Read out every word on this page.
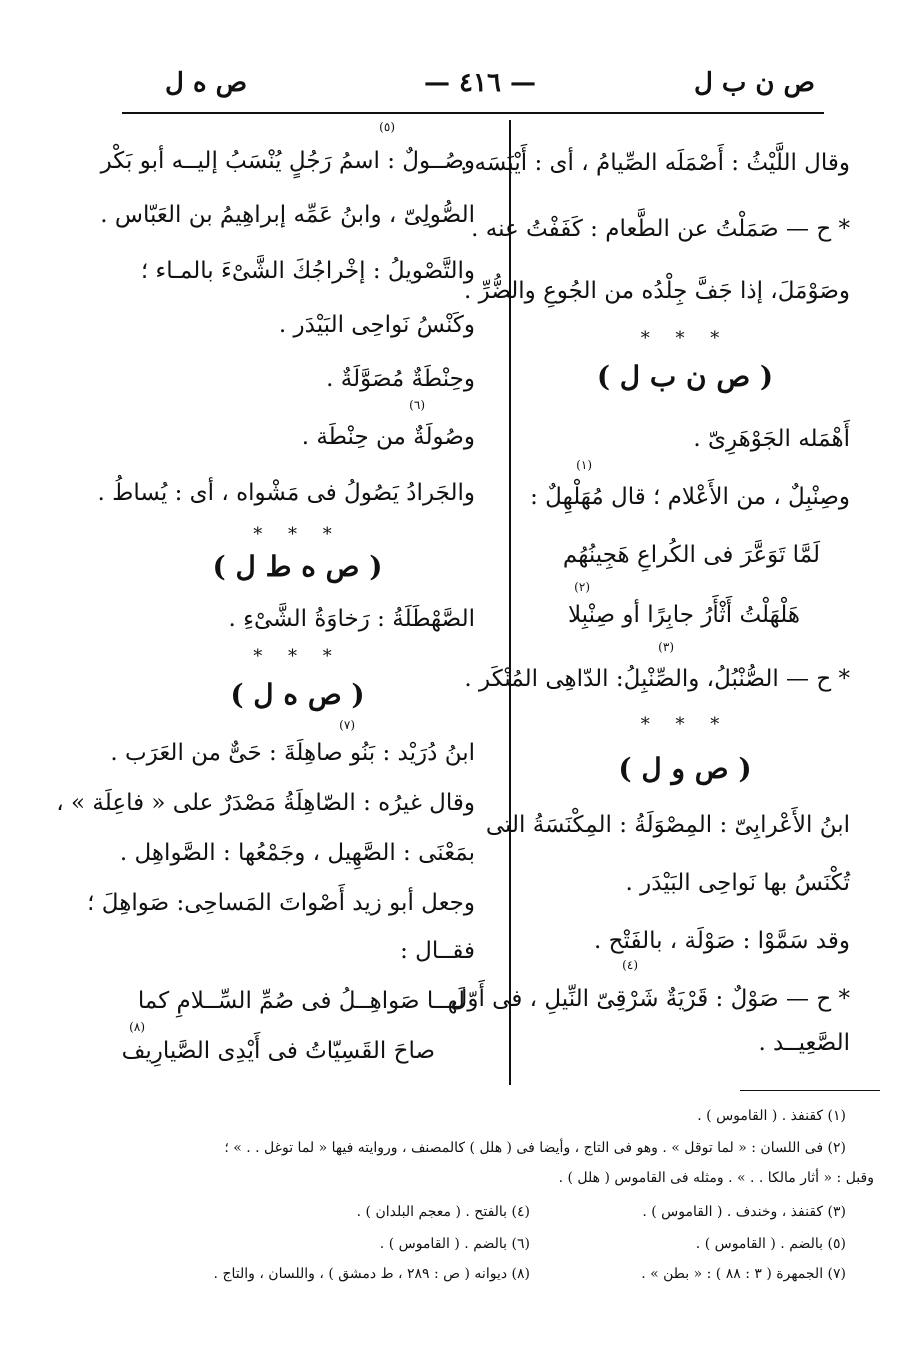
ص ن ب ل
— ٤١٦ —
ص ه ل
وقال اللَّيْثُ : أَصْمَلَه الصِّيامُ ، أى : أَيْبَسَه .
* ح — صَمَلْتُ عن الطَّعام : كَفَفْتُ عنه .
وصَوْمَلَ، إذا جَفَّ جِلْدُه من الجُوعِ والضُّرِّ .
* * *
( ص ن ب ل )
أَهْمَله الجَوْهَرِىّ .
(١)
وصِنْبِلٌ ، من الأَعْلام ؛ قال مُهَلْهِلٌ :
لَمَّا تَوَعَّرَ فى الكُراعِ هَجِينُهُم
(٢)
هَلْهَلْتُ أَثْأَرُ جابِرًا أو صِنْبِلا
(٣)
* ح — الصُّنْبُلُ، والصِّنْبِلُ: الدّاهِى المُنْكَر .
* * *
( ص و ل )
ابنُ الأَعْرابِىّ : المِصْوَلَةُ : المِكْنَسَةُ التى
تُكْنَسُ بها نَواحِى البَيْدَر .
وقد سَمَّوْا : صَوْلَة ، بالفَتْح .
(٤)
* ح — صَوْلٌ : قَرْيَةٌ شَرْقِىّ النِّيلِ ، فى أَوّل
الصَّعِيــد .
(٥)
وصُــولٌ : اسمُ رَجُلٍ يُنْسَبُ إليــه أبو بَكْر
الصُّولِىّ ، وابنُ عَمِّه إبراهِيمُ بن العَبّاس .
والتَّصْويلُ : إخْراجُكَ الشَّىْءَ بالمـاء ؛
وكَنْسُ نَواحِى البَيْدَر .
وحِنْطَةٌ مُصَوَّلَةٌ .
(٦)
وصُولَةٌ من حِنْطَة .
والجَرادُ يَصُولُ فى مَشْواه ، أى : يُساطُ .
* * *
( ص ه ط ل )
الصَّهْطَلَةُ : رَخاوَةُ الشَّىْءِ .
* * *
( ص ه ل )
(٧)
ابنُ دُرَيْد : بَنُو صاهِلَةَ : حَىٌّ من العَرَب .
وقال غيرُه : الصّاهِلَةُ مَصْدَرٌ على « فاعِلَة » ،
بمَعْنَى : الصَّهِيل ، وجَمْعُها : الصَّواهِل .
وجعل أبو زيد أَصْواتَ المَساحِى: صَواهِلَ ؛
فقــال :
لَهــا صَواهِــلُ فى صُمِّ السِّــلامِ كما
(٨)
صاحَ القَسِيّاتُ فى أَيْدِى الصَّيارِيف
(١) كقنفذ . ( القاموس ) .
(٢) فى اللسان : « لما توقل » . وهو فى التاج ، وأيضا فى ( هلل ) كالمصنف ، وروايته فيها « لما توغل . . » ؛
وقبل : « أثار مالكا . . » . ومثله فى القاموس ( هلل ) .
(٣) كقنفذ ، وخندف . ( القاموس ) .
(٤) بالفتح . ( معجم البلدان ) .
(٥) بالضم . ( القاموس ) .
(٦) بالضم . ( القاموس ) .
(٧) الجمهرة ( ٣ : ٨٨ ) : « بطن » .
(٨) ديوانه ( ص : ٢٨٩ ، ط دمشق ) ، واللسان ، والتاج .
